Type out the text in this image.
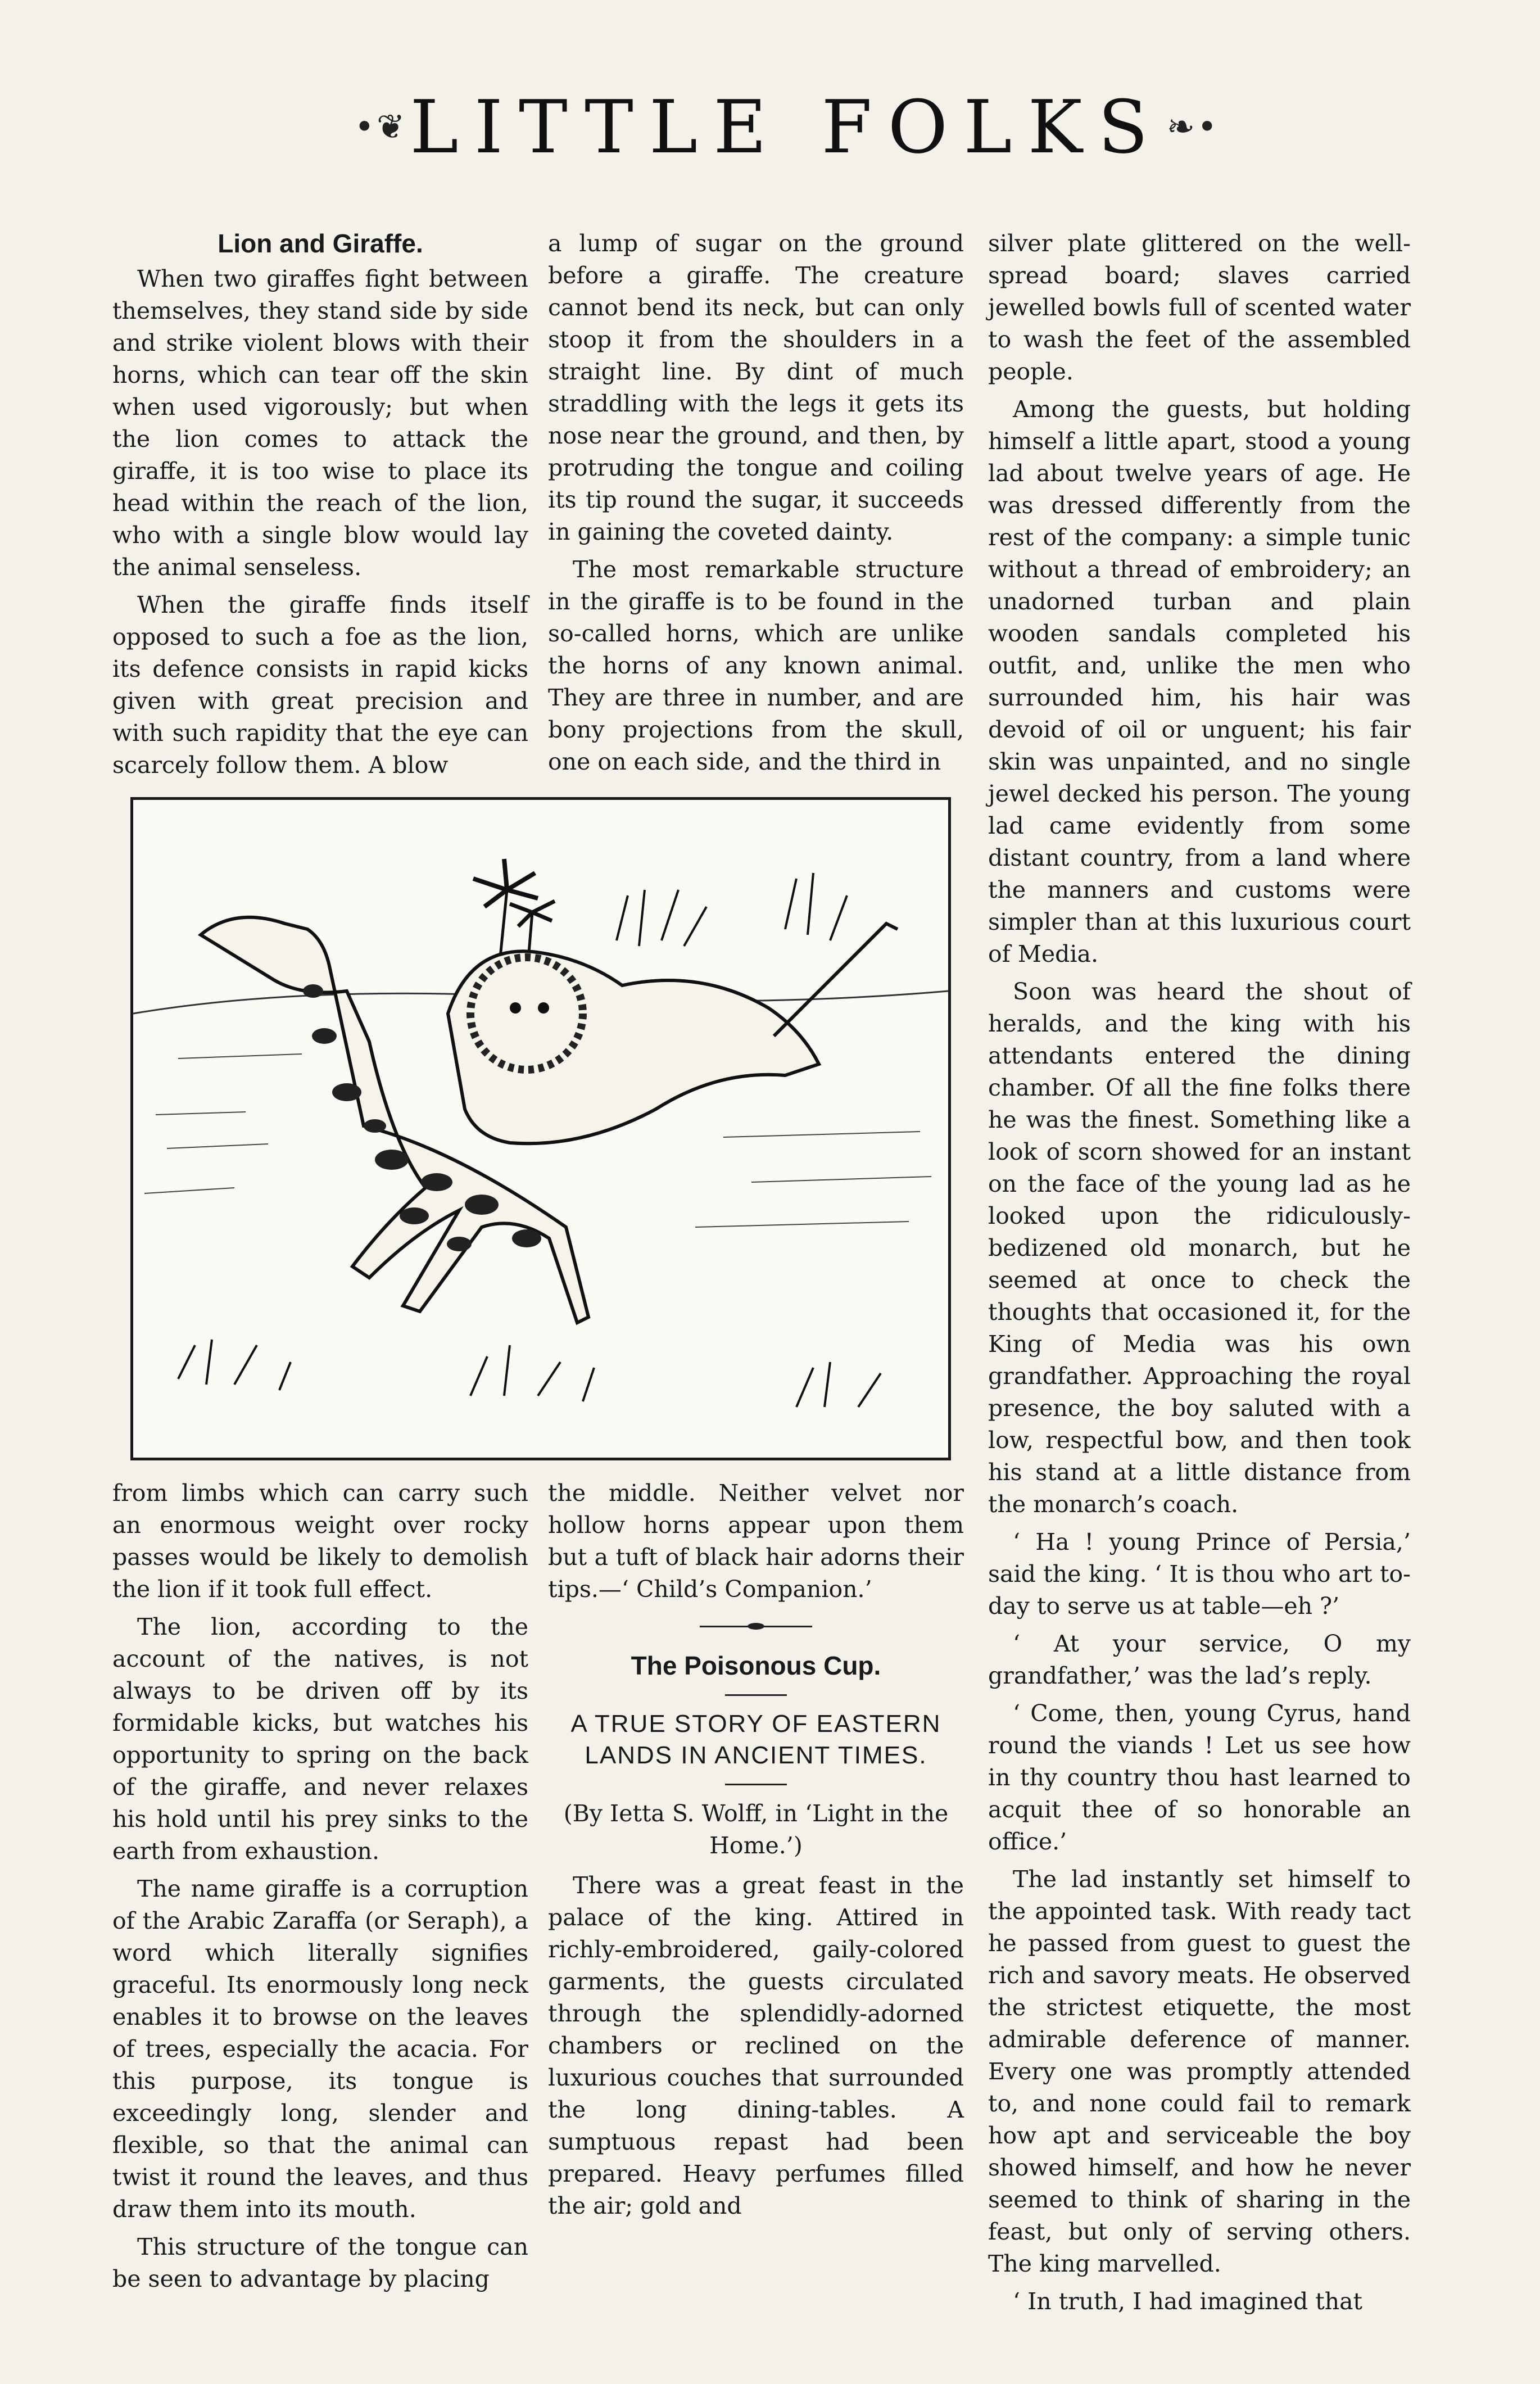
•❦ LITTLE FOLKS ❧•
Lion and Giraffe.

When two giraffes fight between themselves, they stand side by side and strike violent blows with their horns, which can tear off the skin when used vigorously; but when the lion comes to attack the giraffe, it is too wise to place its head within the reach of the lion, who with a single blow would lay the animal senseless.

When the giraffe finds itself opposed to such a foe as the lion, its defence consists in rapid kicks given with great precision and with such rapidity that the eye can scarcely follow them. A blow

a lump of sugar on the ground before a giraffe. The creature cannot bend its neck, but can only stoop it from the shoulders in a straight line. By dint of much straddling with the legs it gets its nose near the ground, and then, by protruding the tongue and coiling its tip round the sugar, it succeeds in gaining the coveted dainty.

The most remarkable structure in the giraffe is to be found in the so-called horns, which are unlike the horns of any known animal. They are three in number, and are bony projections from the skull, one on each side, and the third in

from limbs which can carry such an enormous weight over rocky passes would be likely to demolish the lion if it took full effect.

The lion, according to the account of the natives, is not always to be driven off by its formidable kicks, but watches his opportunity to spring on the back of the giraffe, and never relaxes his hold until his prey sinks to the earth from exhaustion.

The name giraffe is a corruption of the Arabic Zaraffa (or Seraph), a word which literally signifies graceful. Its enormously long neck enables it to browse on the leaves of trees, especially the acacia. For this purpose, its tongue is exceedingly long, slender and flexible, so that the animal can twist it round the leaves, and thus draw them into its mouth.

This structure of the tongue can be seen to advantage by placing

the middle. Neither velvet nor hollow horns appear upon them but a tuft of black hair adorns their tips.—‘ Child’s Companion.’

The Poisonous Cup.
A TRUE STORY OF EASTERN LANDS IN ANCIENT TIMES.

(By Ietta S. Wolff, in ‘Light in the Home.’)

There was a great feast in the palace of the king. Attired in richly-embroidered, gaily-colored garments, the guests circulated through the splendidly-adorned chambers or reclined on the luxurious couches that surrounded the long dining-tables. A sumptuous repast had been prepared. Heavy perfumes filled the air; gold and

silver plate glittered on the well-spread board; slaves carried jewelled bowls full of scented water to wash the feet of the assembled people.

Among the guests, but holding himself a little apart, stood a young lad about twelve years of age. He was dressed differently from the rest of the company: a simple tunic without a thread of embroidery; an unadorned turban and plain wooden sandals completed his outfit, and, unlike the men who surrounded him, his hair was devoid of oil or unguent; his fair skin was unpainted, and no single jewel decked his person. The young lad came evidently from some distant country, from a land where the manners and customs were simpler than at this luxurious court of Media.

Soon was heard the shout of heralds, and the king with his attendants entered the dining chamber. Of all the fine folks there he was the finest. Something like a look of scorn showed for an instant on the face of the young lad as he looked upon the ridiculously-bedizened old monarch, but he seemed at once to check the thoughts that occasioned it, for the King of Media was his own grandfather. Approaching the royal presence, the boy saluted with a low, respectful bow, and then took his stand at a little distance from the monarch’s coach.

‘ Ha ! young Prince of Persia,’ said the king. ‘ It is thou who art to-day to serve us at table—eh ?’

‘ At your service, O my grandfather,’ was the lad’s reply.

‘ Come, then, young Cyrus, hand round the viands ! Let us see how in thy country thou hast learned to acquit thee of so honorable an office.’

The lad instantly set himself to the appointed task. With ready tact he passed from guest to guest the rich and savory meats. He observed the strictest etiquette, the most admirable deference of manner. Every one was promptly attended to, and none could fail to remark how apt and serviceable the boy showed himself, and how he never seemed to think of sharing in the feast, but only of serving others. The king marvelled.

‘ In truth, I had imagined that
